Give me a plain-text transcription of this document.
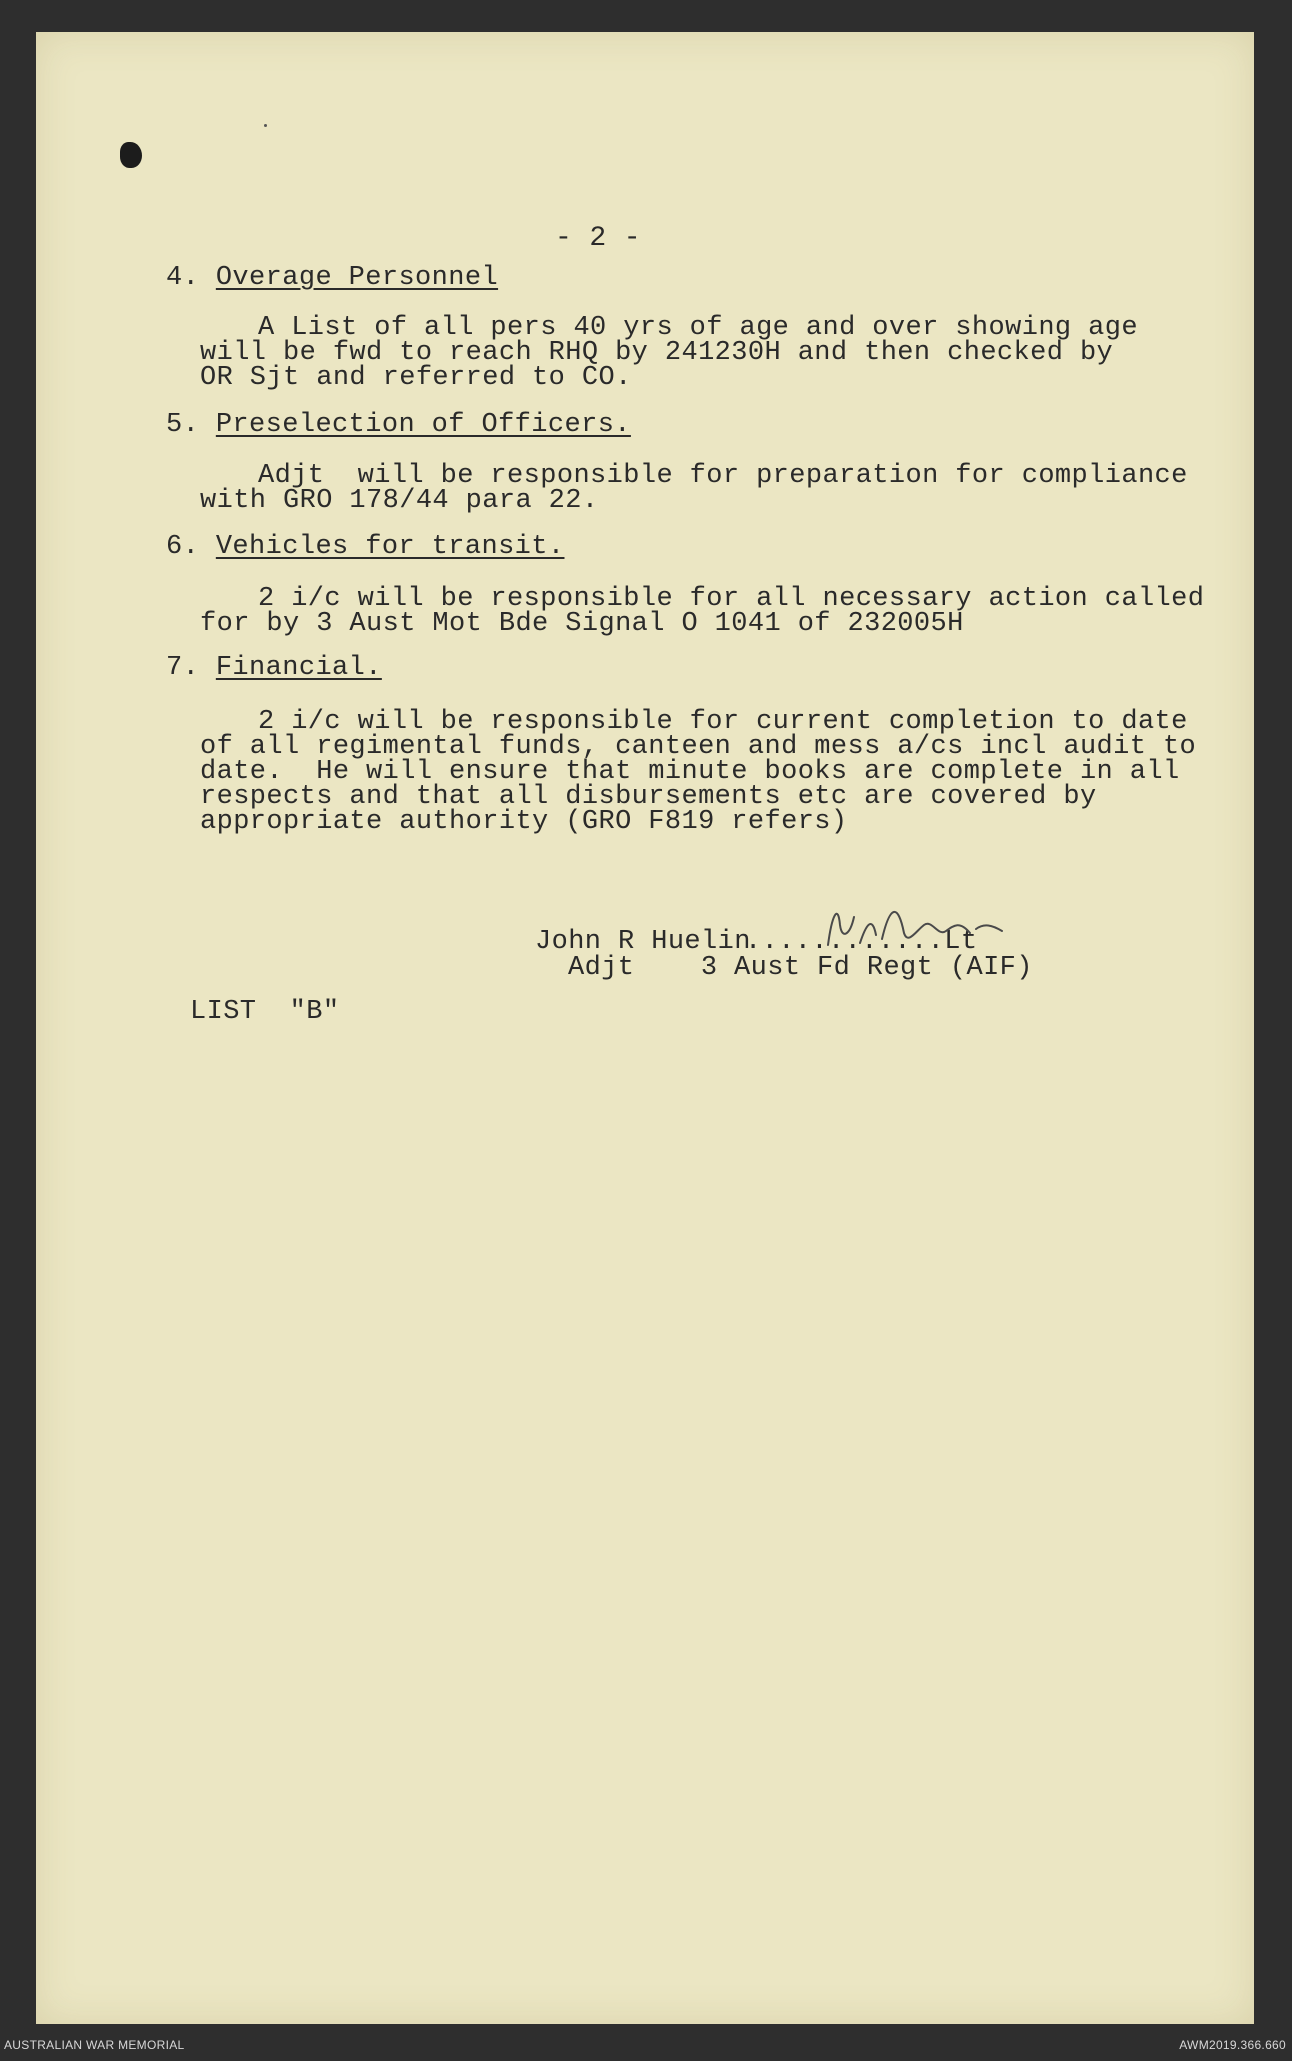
- 2 -
4. Overage Personnel
A List of all pers 40 yrs of age and over showing age
will be fwd to reach RHQ by 241230H and then checked by
OR Sjt and referred to CO.
5. Preselection of Officers.
Adjt  will be responsible for preparation for compliance
with GRO 178/44 para 22.
6. Vehicles for transit.
2 i/c will be responsible for all necessary action called
for by 3 Aust Mot Bde Signal O 1041 of 232005H
7. Financial.
2 i/c will be responsible for current completion to date
of all regimental funds, canteen and mess a/cs incl audit to
date.  He will ensure that minute books are complete in all
respects and that all disbursements etc are covered by
appropriate authority (GRO F819 refers)
John R Huelin
............Lt
Adjt    3 Aust Fd Regt (AIF)
LIST  "B"
AUSTRALIAN WAR MEMORIAL	AWM2019.366.660
